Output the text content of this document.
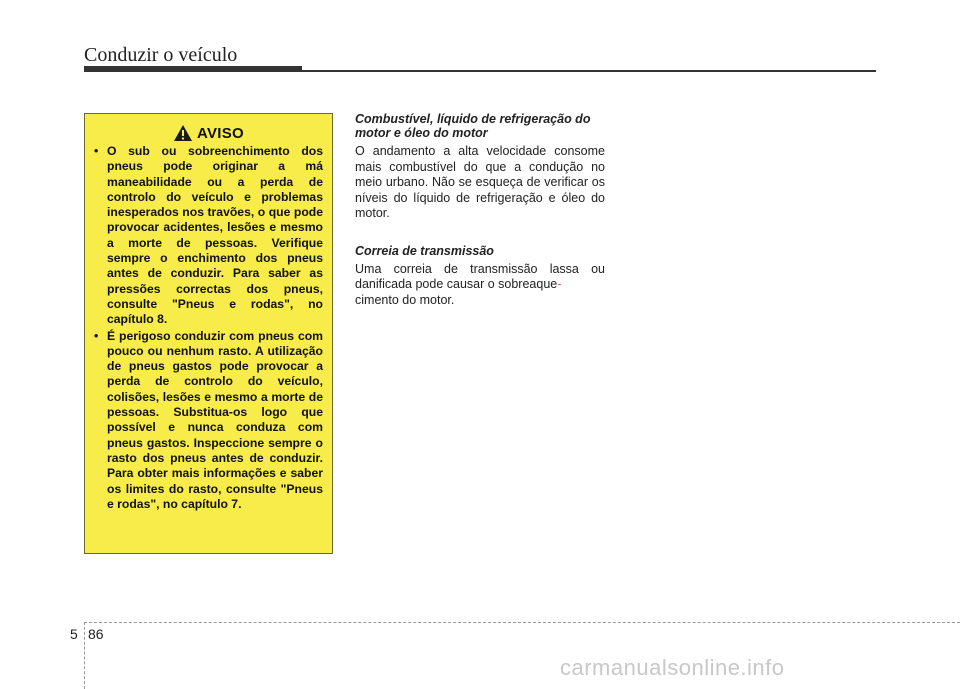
Conduzir o veículo
AVISO
• O sub ou sobreenchimento dos pneus pode originar a má maneabilidade ou a perda de controlo do veículo e problemas inesperados nos travões, o que pode provocar acidentes, lesões e mesmo a morte de pessoas. Verifique sempre o enchimento dos pneus antes de conduzir. Para saber as pressões correctas dos pneus, consulte "Pneus e rodas", no capítulo 8.
• É perigoso conduzir com pneus com pouco ou nenhum rasto. A utilização de pneus gastos pode provocar a perda de controlo do veículo, colisões, lesões e mesmo a morte de pessoas. Substitua-os logo que possível e nunca conduza com pneus gastos. Inspeccione sempre o rasto dos pneus antes de conduzir. Para obter mais informações e saber os limites do rasto, consulte "Pneus e rodas", no capítulo 7.

Combustível, líquido de refrigeração do motor e óleo do motor

O andamento a alta velocidade consome mais combustível do que a condução no meio urbano. Não se esqueça de verificar os níveis do líquido de refrigeração e óleo do motor.

Correia de transmissão

Uma correia de transmissão lassa ou danificada pode causar o sobreaque-
cimento do motor.

5 86
carmanualsonline.info
